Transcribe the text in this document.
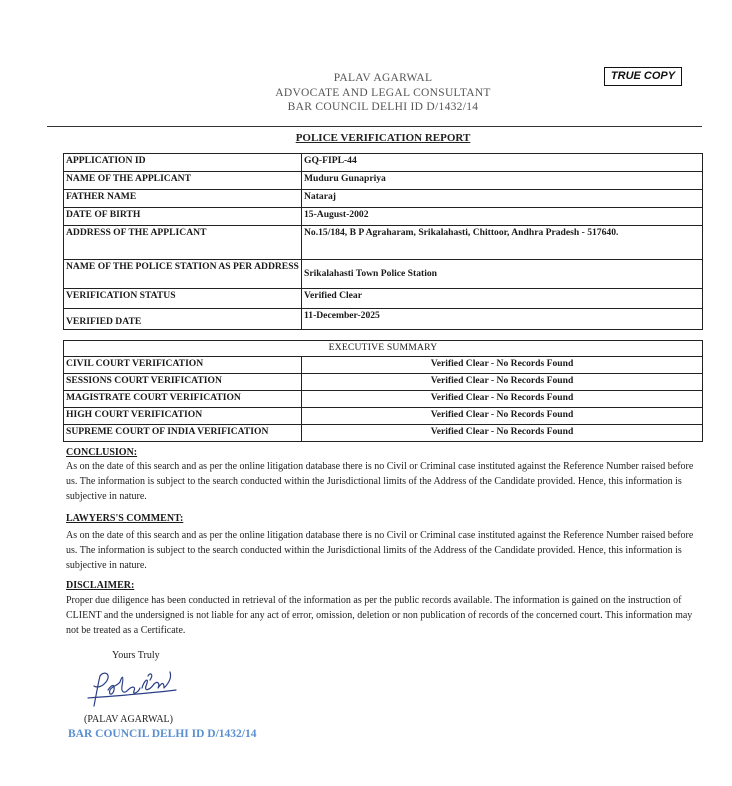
PALAV AGARWAL
ADVOCATE AND LEGAL CONSULTANT
BAR COUNCIL DELHI ID D/1432/14
TRUE COPY
POLICE VERIFICATION REPORT
APPLICATION ID	GQ-FIPL-44
NAME OF THE APPLICANT	Muduru Gunapriya
FATHER NAME	Nataraj
DATE OF BIRTH	15-August-2002
ADDRESS OF THE APPLICANT	No.15/184, B P Agraharam, Srikalahasti, Chittoor, Andhra Pradesh - 517640.
NAME OF THE POLICE STATION AS PER ADDRESS	Srikalahasti Town Police Station
VERIFICATION STATUS	Verified Clear
VERIFIED DATE	11-December-2025
EXECUTIVE SUMMARY	
CIVIL COURT VERIFICATION	Verified Clear - No Records Found
SESSIONS COURT VERIFICATION	Verified Clear - No Records Found
MAGISTRATE COURT VERIFICATION	Verified Clear - No Records Found
HIGH COURT VERIFICATION	Verified Clear - No Records Found
SUPREME COURT OF INDIA VERIFICATION	Verified Clear - No Records Found
CONCLUSION:
As on the date of this search and as per the online litigation database there is no Civil or Criminal case instituted against the Reference Number raised before us. The information is subject to the search conducted within the Jurisdictional limits of the Address of the Candidate provided. Hence, this information is subjective in nature.
LAWYERS'S COMMENT:
As on the date of this search and as per the online litigation database there is no Civil or Criminal case instituted against the Reference Number raised before us. The information is subject to the search conducted within the Jurisdictional limits of the Address of the Candidate provided. Hence, this information is subjective in nature.
DISCLAIMER:
Proper due diligence has been conducted in retrieval of the information as per the public records available. The information is gained on the instruction of CLIENT and the undersigned is not liable for any act of error, omission, deletion or non publication of records of the concerned court. This information may not be treated as a Certificate.
Yours Truly
(PALAV AGARWAL)
BAR COUNCIL DELHI ID D/1432/14
